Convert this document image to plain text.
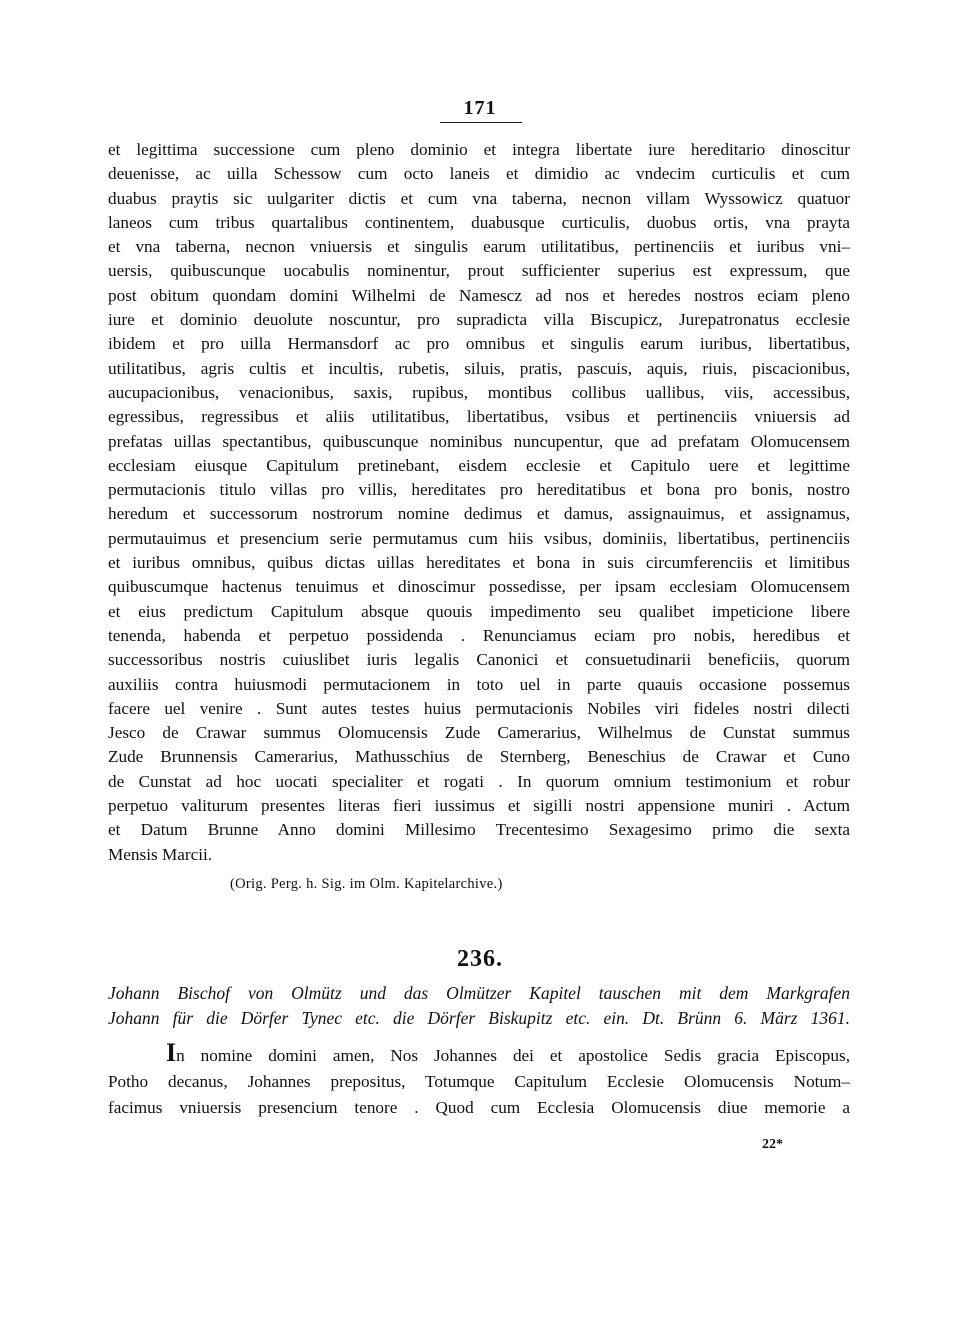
171
et legittima successione cum pleno dominio et integra libertate iure hereditario dinoscitur
deuenisse, ac uilla Schessow cum octo laneis et dimidio ac vndecim curticulis et cum
duabus praytis sic uulgariter dictis et cum vna taberna, necnon villam Wyssowicz quatuor
laneos cum tribus quartalibus continentem, duabusque curticulis, duobus ortis, vna prayta
et vna taberna, necnon vniuersis et singulis earum utilitatibus, pertinenciis et iuribus vni–
uersis, quibuscunque uocabulis nominentur, prout sufficienter superius est expressum, que
post obitum quondam domini Wilhelmi de Namescz ad nos et heredes nostros eciam pleno
iure et dominio deuolute noscuntur, pro supradicta villa Biscupicz, Jurepatronatus ecclesie
ibidem et pro uilla Hermansdorf ac pro omnibus et singulis earum iuribus, libertatibus,
utilitatibus, agris cultis et incultis, rubetis, siluis, pratis, pascuis, aquis, riuis, piscacionibus,
aucupacionibus, venacionibus, saxis, rupibus, montibus collibus uallibus, viis, accessibus,
egressibus, regressibus et aliis utilitatibus, libertatibus, vsibus et pertinenciis vniuersis ad
prefatas uillas spectantibus, quibuscunque nominibus nuncupentur, que ad prefatam Olomucensem
ecclesiam eiusque Capitulum pretinebant, eisdem ecclesie et Capitulo uere et legittime
permutacionis titulo villas pro villis, hereditates pro hereditatibus et bona pro bonis, nostro
heredum et successorum nostrorum nomine dedimus et damus, assignauimus, et assignamus,
permutauimus et presencium serie permutamus cum hiis vsibus, dominiis, libertatibus, pertinenciis
et iuribus omnibus, quibus dictas uillas hereditates et bona in suis circumferenciis et limitibus
quibuscumque hactenus tenuimus et dinoscimur possedisse, per ipsam ecclesiam Olomucensem
et eius predictum Capitulum absque quouis impedimento seu qualibet impeticione libere
tenenda, habenda et perpetuo possidenda . Renunciamus eciam pro nobis, heredibus et
successoribus nostris cuiuslibet iuris legalis Canonici et consuetudinarii beneficiis, quorum
auxiliis contra huiusmodi permutacionem in toto uel in parte quauis occasione possemus
facere uel venire . Sunt autes testes huius permutacionis Nobiles viri fideles nostri dilecti
Jesco de Crawar summus Olomucensis Zude Camerarius, Wilhelmus de Cunstat summus
Zude Brunnensis Camerarius, Mathusschius de Sternberg, Beneschius de Crawar et Cuno
de Cunstat ad hoc uocati specialiter et rogati . In quorum omnium testimonium et robur
perpetuo valiturum presentes literas fieri iussimus et sigilli nostri appensione muniri . Actum
et Datum Brunne Anno domini Millesimo Trecentesimo Sexagesimo primo die sexta
Mensis Marcii.
(Orig. Perg. h. Sig. im Olm. Kapitelarchive.)
236.
Johann Bischof von Olmütz und das Olmützer Kapitel tauschen mit dem Markgrafen
Johann für die Dörfer Tynec etc. die Dörfer Biskupitz etc. ein. Dt. Brünn 6. März 1361.
In nomine domini amen, Nos Johannes dei et apostolice Sedis gracia Episcopus,
Potho decanus, Johannes prepositus, Totumque Capitulum Ecclesie Olomucensis Notum–
facimus vniuersis presencium tenore . Quod cum Ecclesia Olomucensis diue memorie a
22*
